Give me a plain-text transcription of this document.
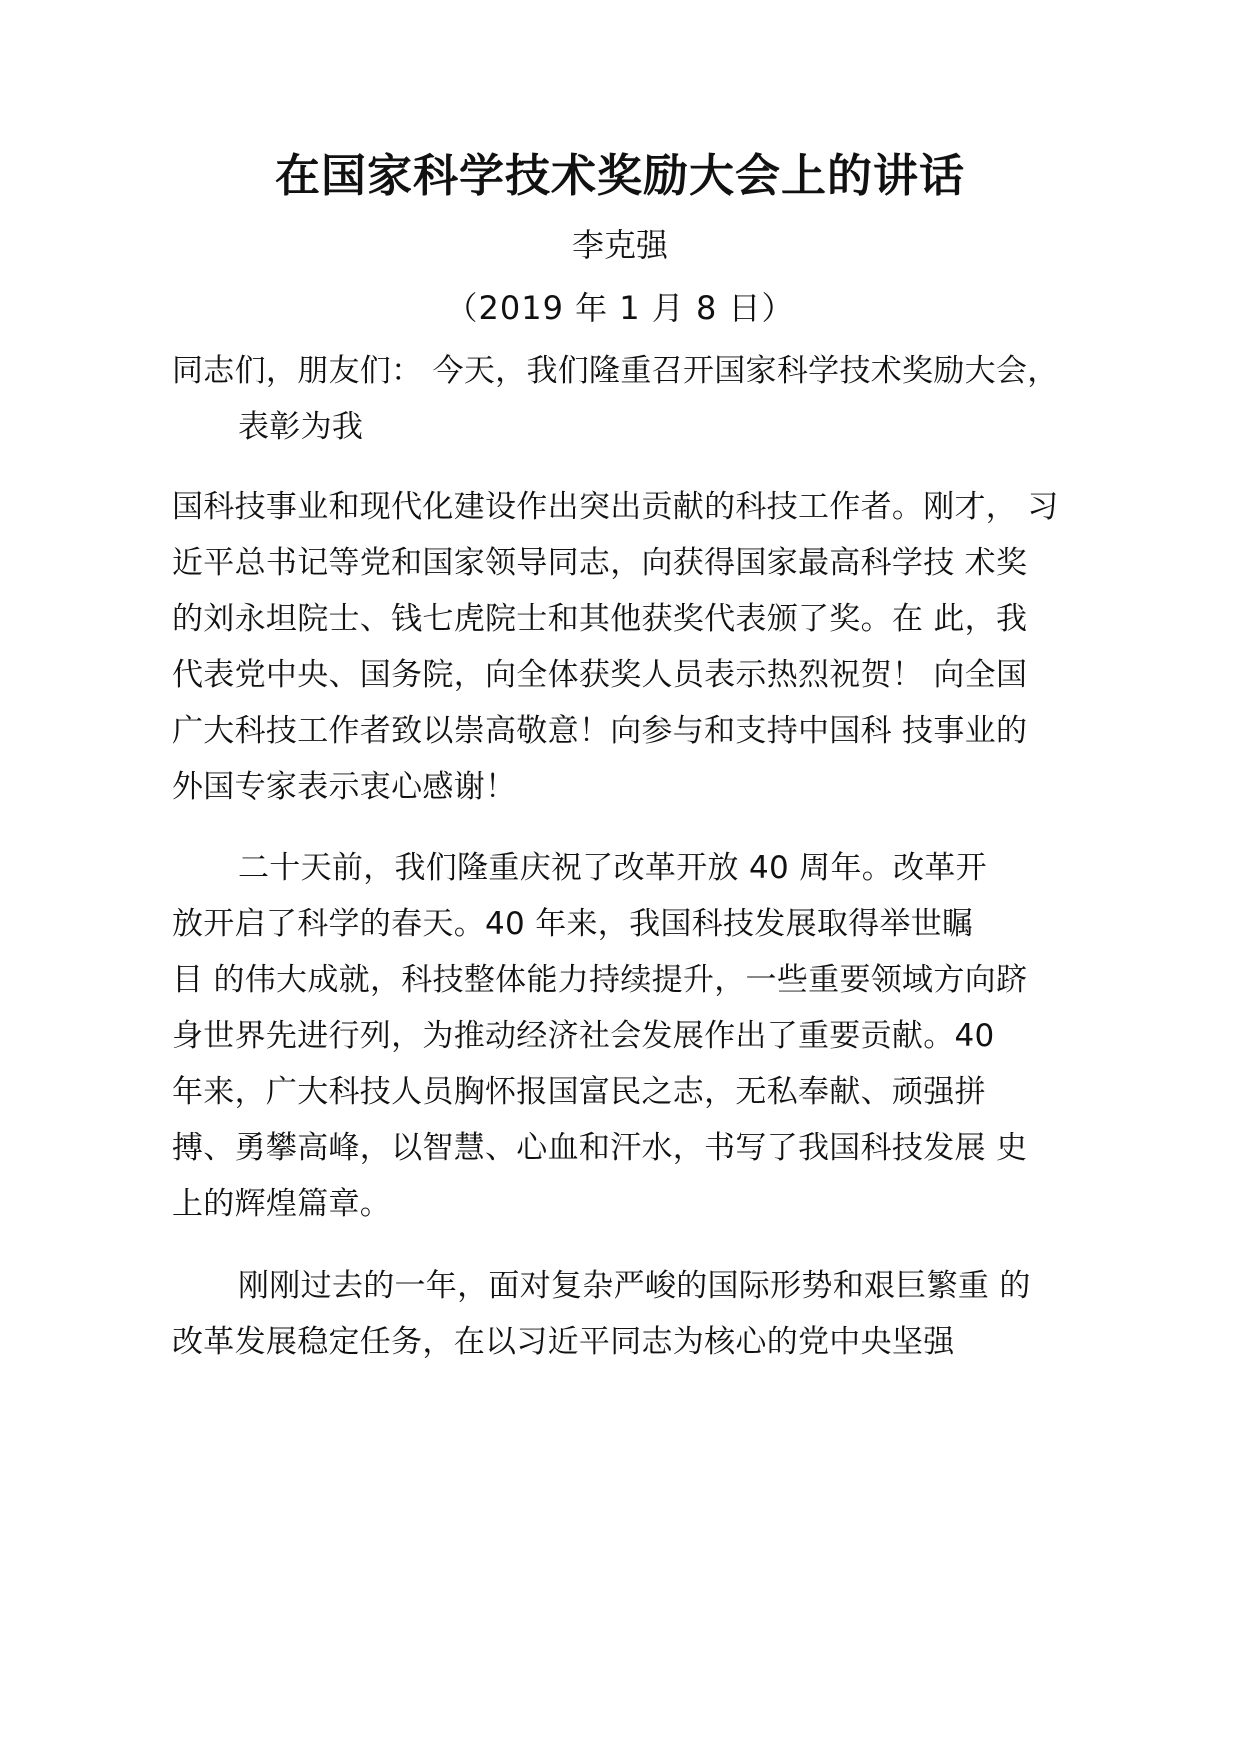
在国家科学技术奖励大会上的讲话
李克强
（2019 年 1 月 8 日）
同志们，朋友们： 今天，我们隆重召开国家科学技术奖励大会，
表彰为我
国科技事业和现代化建设作出突出贡献的科技工作者。刚才， 习
近平总书记等党和国家领导同志，向获得国家最高科学技 术奖
的刘永坦院士、钱七虎院士和其他获奖代表颁了奖。在 此，我
代表党中央、国务院，向全体获奖人员表示热烈祝贺！ 向全国
广大科技工作者致以崇高敬意！向参与和支持中国科 技事业的
外国专家表示衷心感谢！
二十天前，我们隆重庆祝了改革开放 40 周年。改革开
放开启了科学的春天。40 年来，我国科技发展取得举世瞩
目 的伟大成就，科技整体能力持续提升，一些重要领域方向跻
身世界先进行列，为推动经济社会发展作出了重要贡献。40
年来，广大科技人员胸怀报国富民之志，无私奉献、顽强拼
搏、勇攀高峰，以智慧、心血和汗水，书写了我国科技发展 史
上的辉煌篇章。
刚刚过去的一年，面对复杂严峻的国际形势和艰巨繁重 的
改革发展稳定任务，在以习近平同志为核心的党中央坚强
